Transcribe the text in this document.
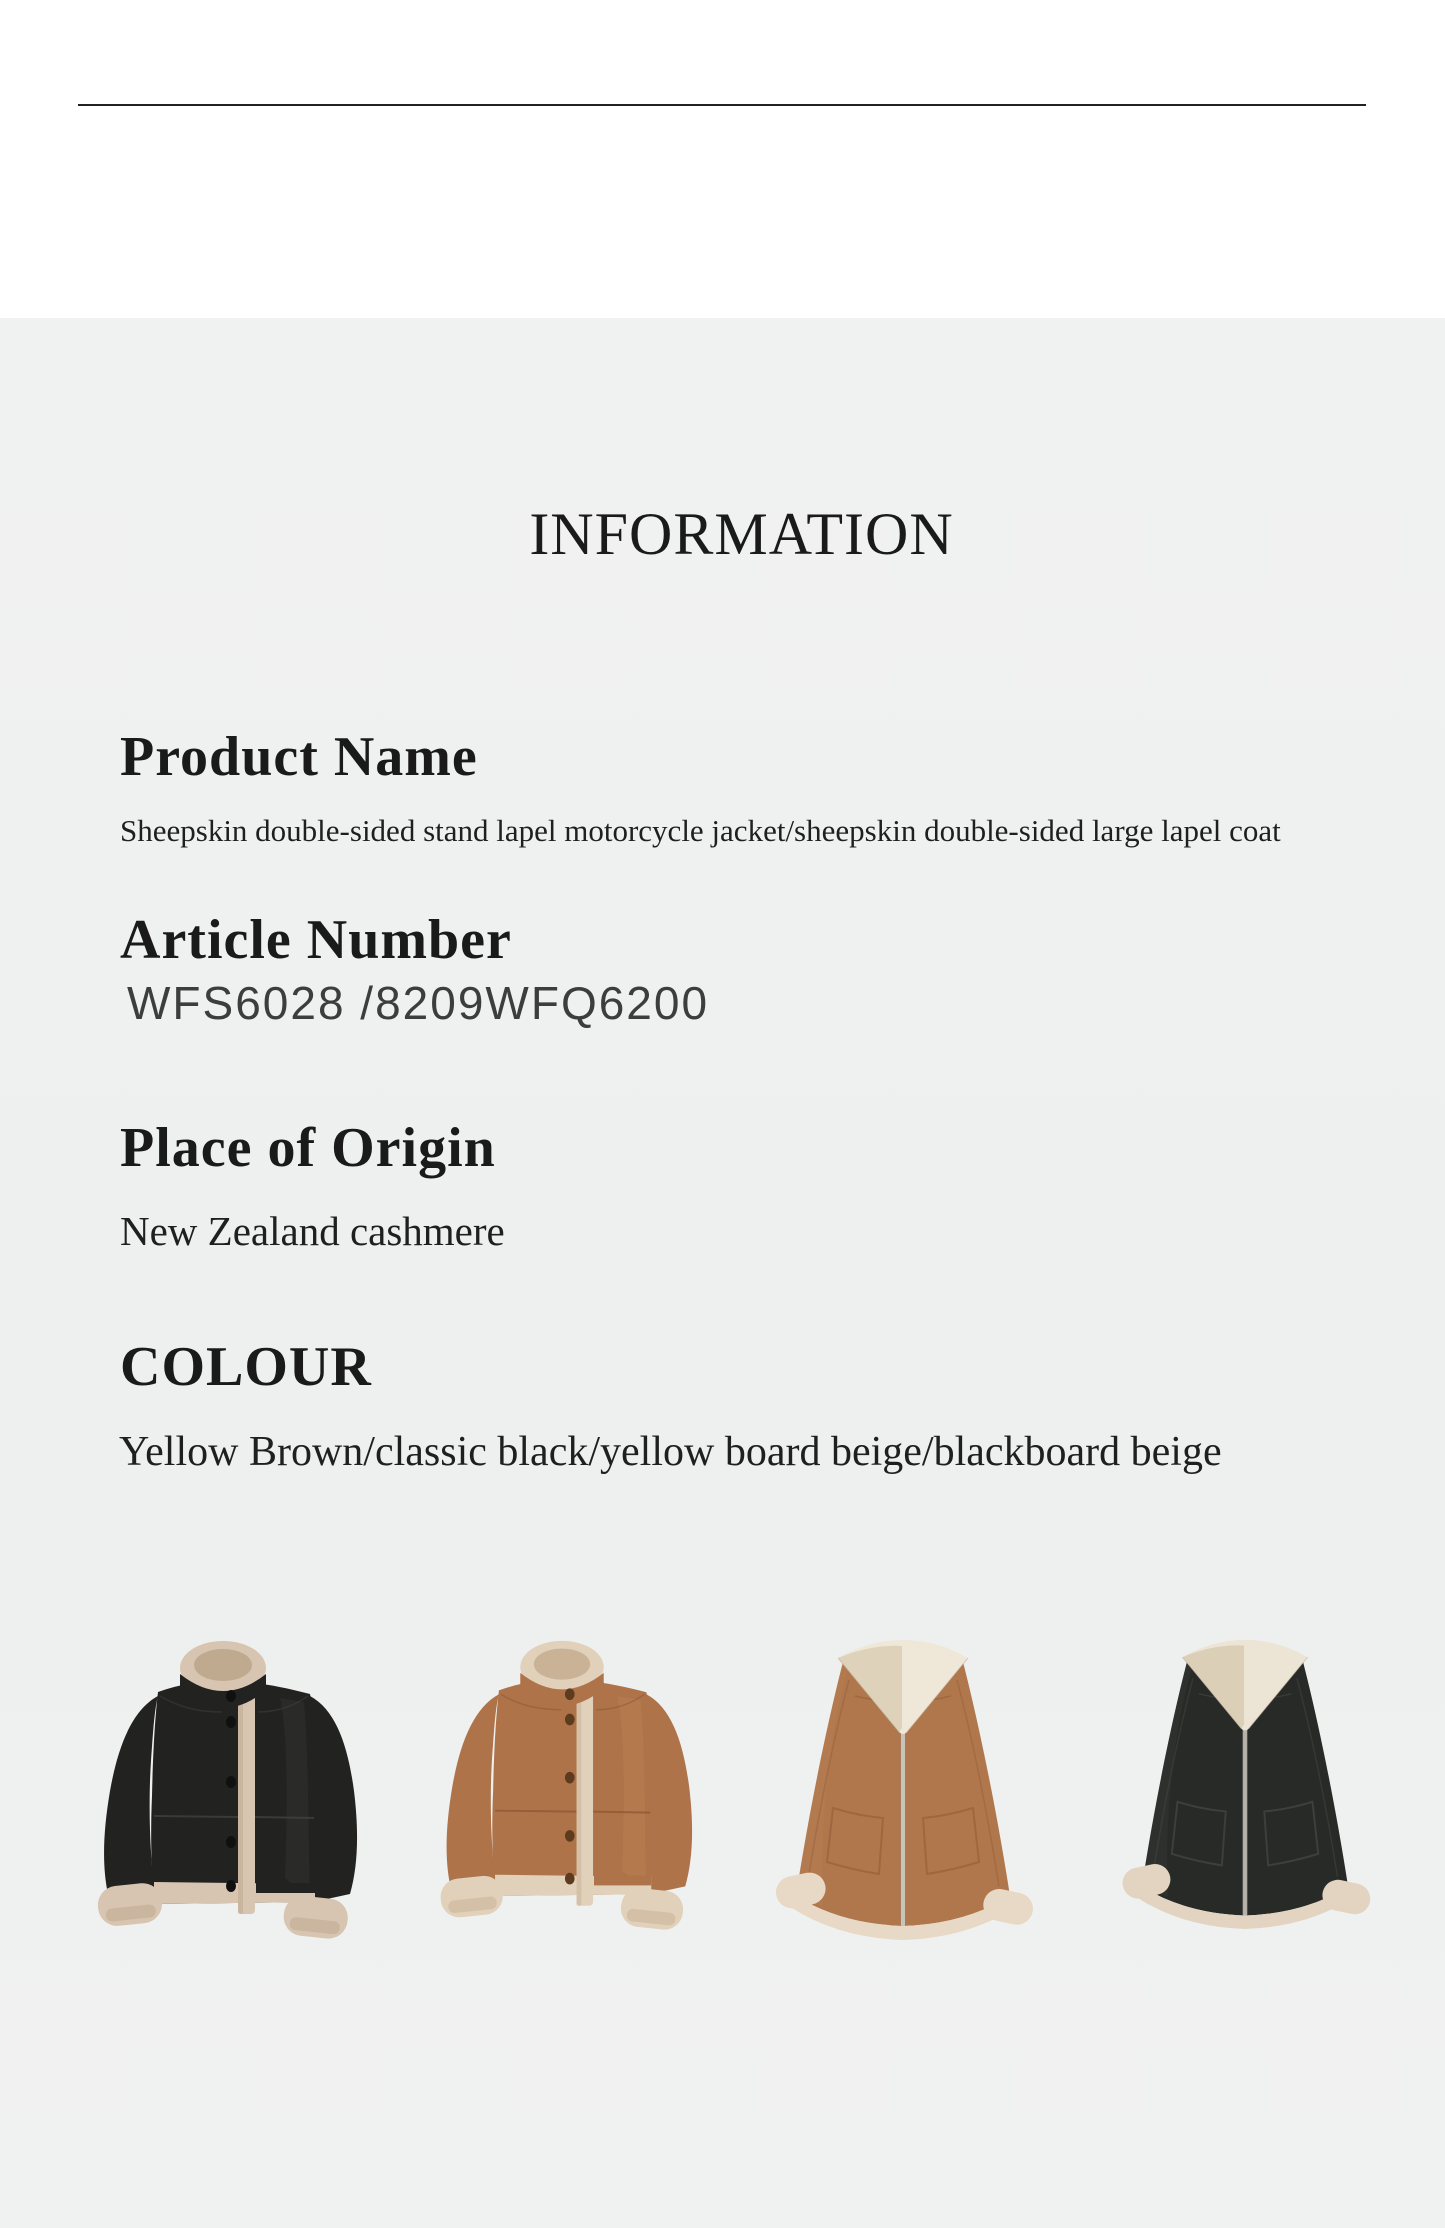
INFORMATION
Product Name

Sheepskin double-sided stand lapel motorcycle jacket/sheepskin double-sided large lapel coat

Article Number

WFS6028 /8209WFQ6200

Place of Origin

New Zealand cashmere

COLOUR

Yellow Brown/classic black/yellow board beige/blackboard beige
